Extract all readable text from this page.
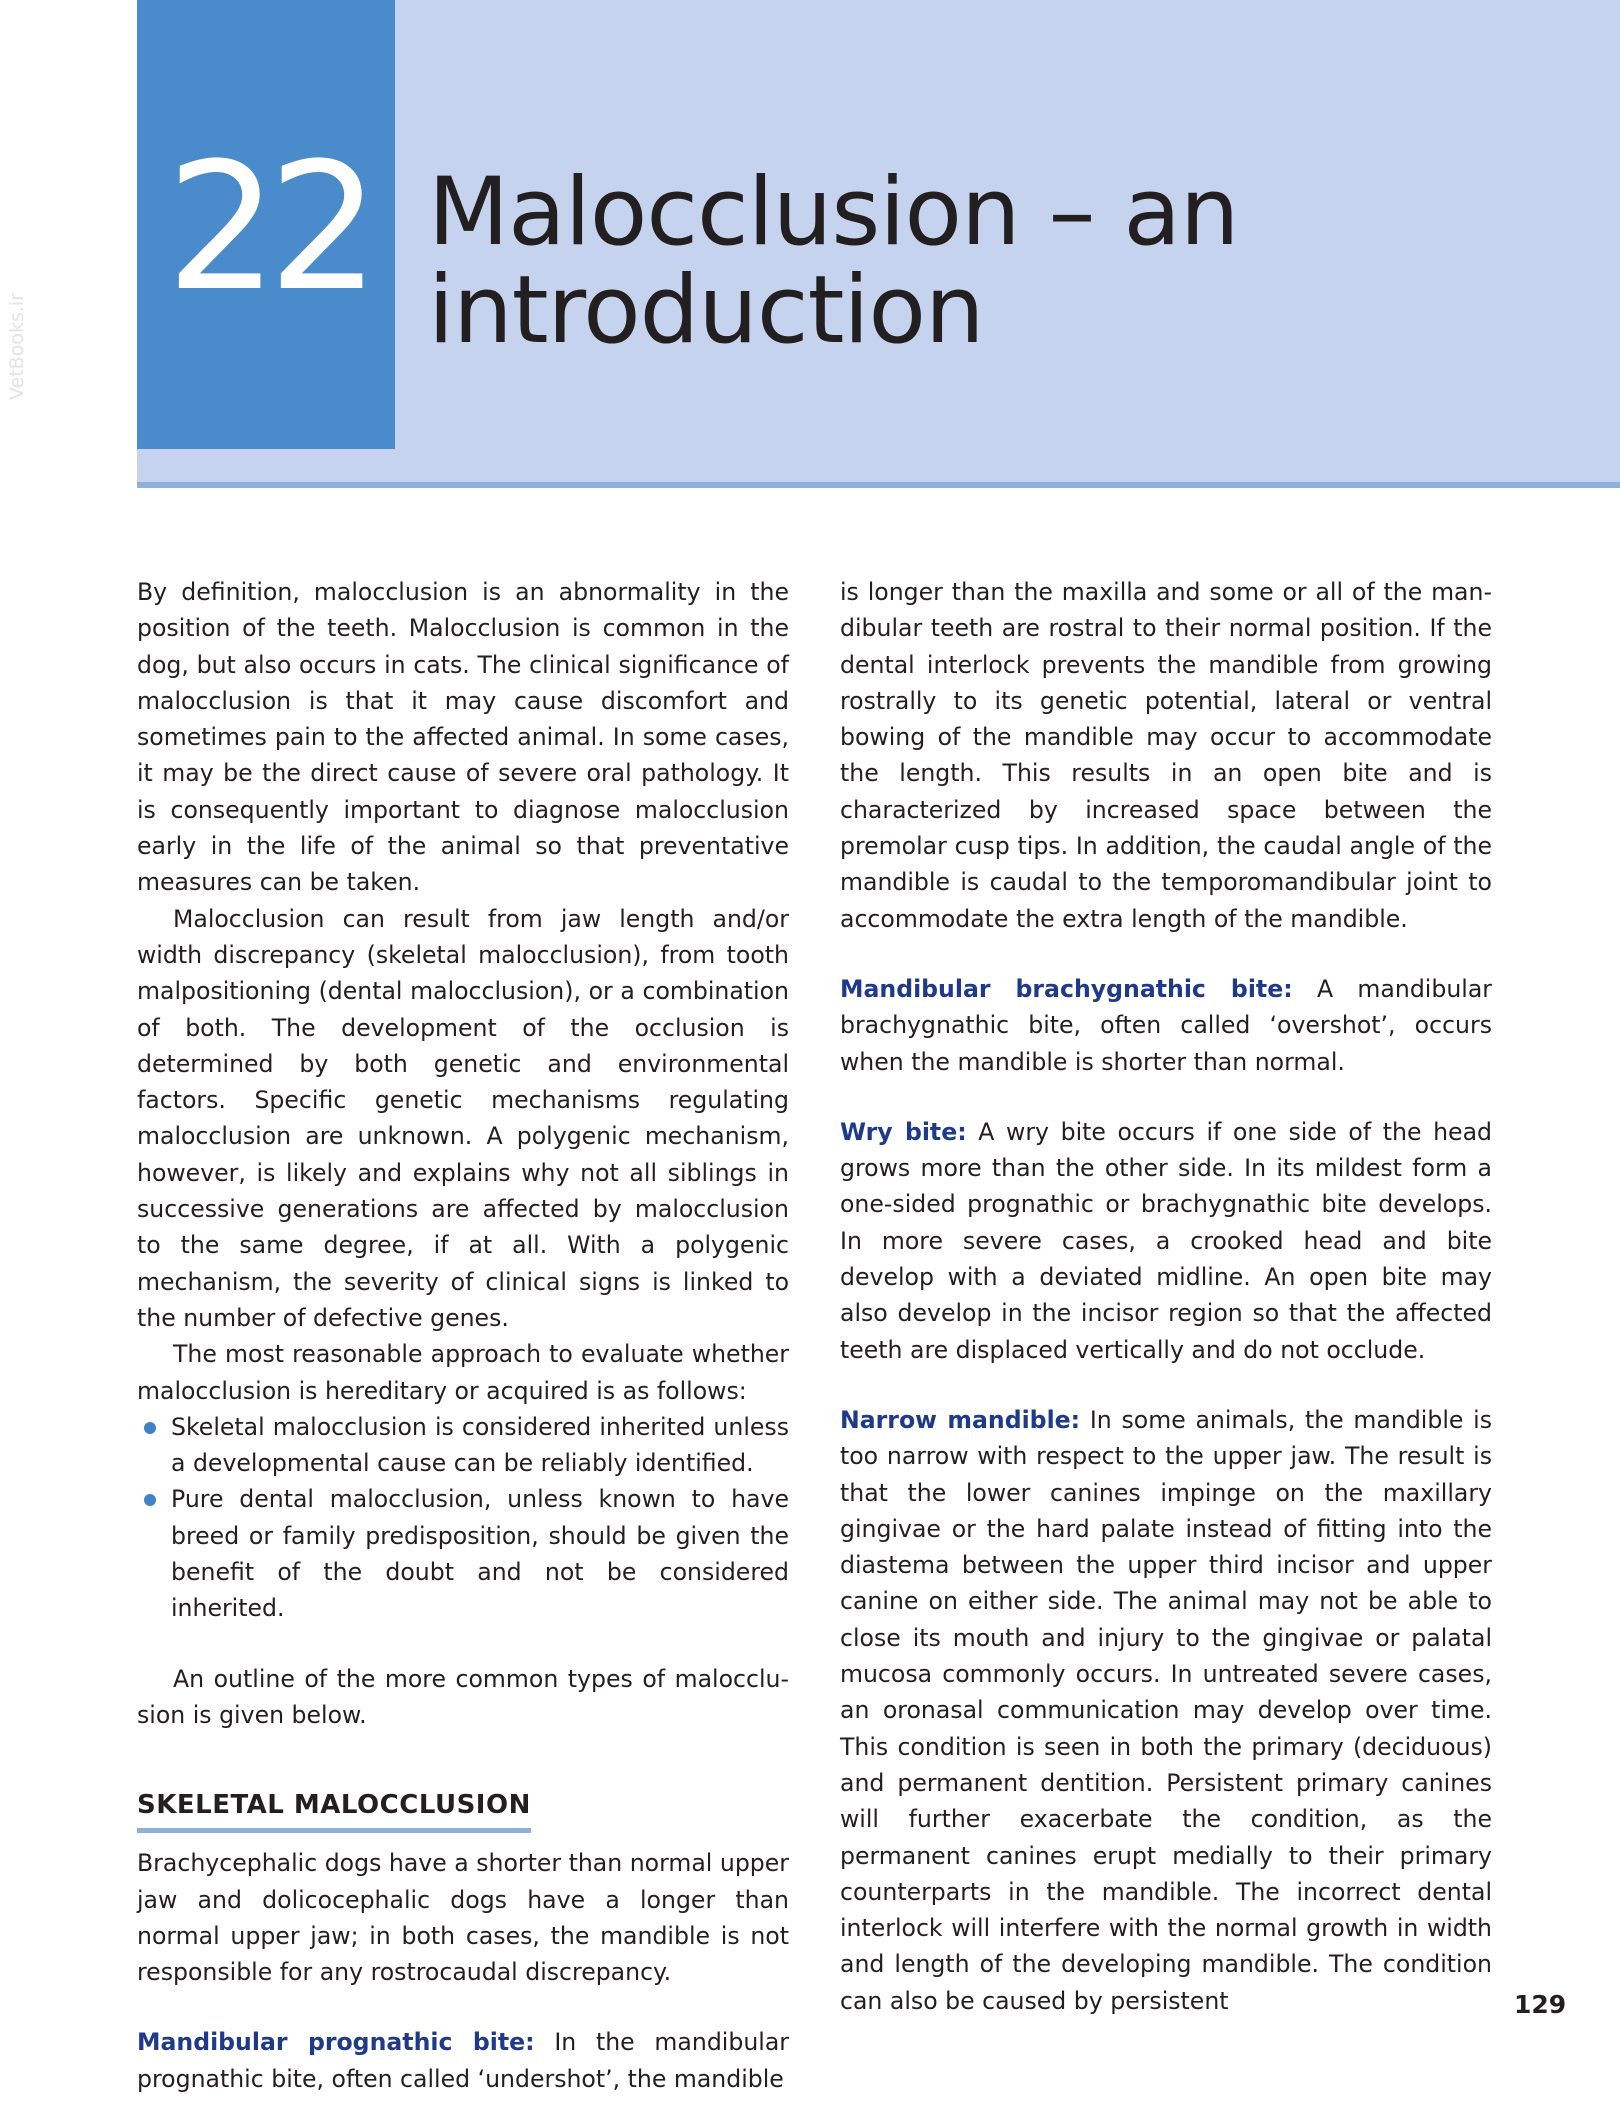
22 Malocclusion – an
introduction
VetBooks.ir

By definition, malocclusion is an abnormality in the position of the teeth. Malocclusion is common in the dog, but also occurs in cats. The clinical significance of malocclusion is that it may cause discomfort and sometimes pain to the affected animal. In some cases, it may be the direct cause of severe oral pathology. It is consequently important to diagnose malocclusion early in the life of the animal so that preventative measures can be taken.

Malocclusion can result from jaw length and/or width discrepancy (skeletal malocclusion), from tooth malpositioning (dental malocclusion), or a combination of both. The development of the occlusion is determined by both genetic and environmental factors. Specific genetic mechanisms regulating malocclusion are unknown. A polygenic mechanism, however, is likely and explains why not all siblings in successive generations are affected by malocclusion to the same degree, if at all. With a polygenic mechanism, the severity of clinical signs is linked to the number of defective genes.

The most reasonable approach to evaluate whether malocclusion is hereditary or acquired is as follows:

Skeletal malocclusion is considered inherited unless a developmental cause can be reliably identified.
Pure dental malocclusion, unless known to have breed or family predisposition, should be given the benefit of the doubt and not be considered inherited.

An outline of the more common types of malocclusion is given below.

SKELETAL MALOCCLUSION

Brachycephalic dogs have a shorter than normal upper jaw and dolicocephalic dogs have a longer than normal upper jaw; in both cases, the mandible is not responsible for any rostrocaudal discrepancy.

Mandibular prognathic bite: In the mandibular prognathic bite, often called ‘undershot’, the mandible

is longer than the maxilla and some or all of the mandibular teeth are rostral to their normal position. If the dental interlock prevents the mandible from growing rostrally to its genetic potential, lateral or ventral bowing of the mandible may occur to accommodate the length. This results in an open bite and is characterized by increased space between the premolar cusp tips. In addition, the caudal angle of the mandible is caudal to the temporomandibular joint to accommodate the extra length of the mandible.

Mandibular brachygnathic bite: A mandibular brachygnathic bite, often called ‘overshot’, occurs when the mandible is shorter than normal.

Wry bite: A wry bite occurs if one side of the head grows more than the other side. In its mildest form a one-sided prognathic or brachygnathic bite develops. In more severe cases, a crooked head and bite develop with a deviated midline. An open bite may also develop in the incisor region so that the affected teeth are displaced vertically and do not occlude.

Narrow mandible: In some animals, the mandible is too narrow with respect to the upper jaw. The result is that the lower canines impinge on the maxillary gingivae or the hard palate instead of fitting into the diastema between the upper third incisor and upper canine on either side. The animal may not be able to close its mouth and injury to the gingivae or palatal mucosa commonly occurs. In untreated severe cases, an oronasal communication may develop over time. This condition is seen in both the primary (deciduous) and permanent dentition. Persistent primary canines will further exacerbate the condition, as the permanent canines erupt medially to their primary counterparts in the mandible. The incorrect dental interlock will interfere with the normal growth in width and length of the developing mandible. The condition can also be caused by persistent	129
